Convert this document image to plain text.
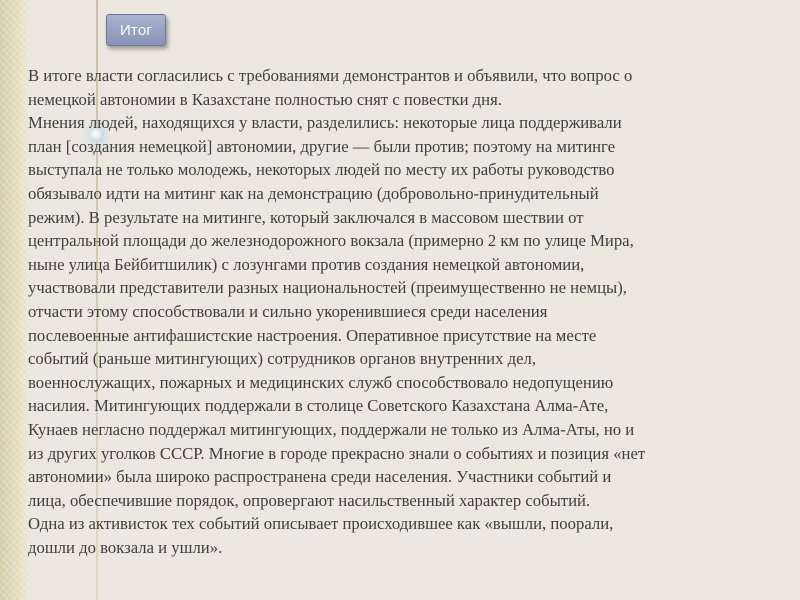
Итог

В итоге власти согласились с требованиями демонстрантов и объявили, что вопрос о
немецкой автономии в Казахстане полностью снят с повестки дня.

Мнения людей, находящихся у власти, разделились: некоторые лица поддерживали
план [создания немецкой] автономии, другие — были против; поэтому на митинге
выступала не только молодежь, некоторых людей по месту их работы руководство
обязывало идти на митинг как на демонстрацию (добровольно-принудительный
режим). В результате на митинге, который заключался в массовом шествии от
центральной площади до железнодорожного вокзала (примерно 2 км по улице Мира,
ныне улица Бейбитшилик) с лозунгами против создания немецкой автономии,
участвовали представители разных национальностей (преимущественно не немцы),
отчасти этому способствовали и сильно укоренившиеся среди населения
послевоенные антифашистские настроения. Оперативное присутствие на месте
событий (раньше митингующих) сотрудников органов внутренних дел,
военнослужащих, пожарных и медицинских служб способствовало недопущению
насилия. Митингующих поддержали в столице Советского Казахстана Алма-Ате,
Кунаев негласно поддержал митингующих, поддержали не только из Алма-Аты, но и
из других уголков СССР. Многие в городе прекрасно знали о событиях и позиция «нет
автономии» была широко распространена среди населения. Участники событий и
лица, обеспечившие порядок, опровергают насильственный характер событий.
Одна из активисток тех событий описывает происходившее как «вышли, поорали,
дошли до вокзала и ушли».
